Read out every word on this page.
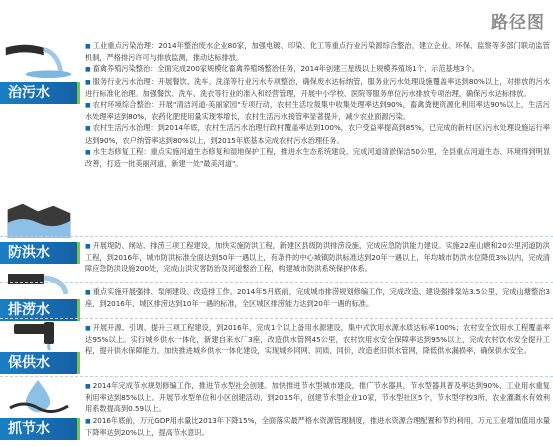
路径图
治污水
防洪水
排涝水
保供水
抓节水

■ 工业重点污染治理：2014年整治废水企业80家，加强电镀、印染、化工等重点行业污染源综合整治，建立企业、环保、监察等多部门联动监管机制，严格排污许可与排放监测，推动达标排放。

■ 畜禽养殖污染整治：全面完成200家规模化畜禽养殖场整治任务，2014年创建三星级以上规模养殖场1个、示范基地3个。

■ 服务行业污水治理：开展餐饮、洗车、洗涤等行业污水专项整治，确保废水达标纳管，服务业污水处理设施覆盖率达到80%以上，对排放的污水进行标准化治理。加强餐饮、洗车、洗衣等行业的准入和经营管理，开展中小学校、医院等服务单位污水排放专项治理，确保污水达标排放。

■ 农村环境综合整治：开展"清洁河道·美丽家园"专项行动，农村生活垃圾集中收集处理率达到90%，畜禽粪便资源化利用率达90%以上，生活污水处理率达到80%，农药化肥使用量实现零增长，农村生活污水接管率显著提升，减少农业面源污染。

■ 农村生活污水治理：到2014年底，农村生活污水治理行政村覆盖率达到100%，农户受益率提高到85%，已完成的新村(区)污水处理设施运行率达到90%，农户纳管率达到80%以上，到2015年底基本完成农村污水治理任务。

■ 水生态修复工程：重点实施河道生态修复和湿地保护工程，推进水生态系统建设，完成河道清淤保洁50公里，全县重点河道生态、环境得到明显改善，打造一批美丽河道，新建一处"最美河道"。

■ 开展堤防、闸站、排涝三项工程建设，加快实施防洪工程，新建区县级防洪排涝设施，完成应急防洪能力建设。实施22座山塘和20公里河道防洪工程，到2016年，城市防洪标准全面达到50年一遇以上，有条件的中心城镇防洪标准达到20年一遇以上，年均城市防洪水位降低3%以内，完成清障应急防洪设施200处，完成山洪灾害防治及河道整治工程，构建城市防洪系统保护体系。

■ 重点实施开展强排、泵闸建设、改造排工作。2014年5月底前，完成城市排涝规划修编工作，完成改造、建设强排泵站3.5公里，完成山塘整治3座，到2016年，城区排涝达到10年一遇的标准，全区城区排涝能力达到20年一遇的标准。

■ 开展开源、引调、提升三项工程建设，到2016年，完成1个以上备用水源建设，集中式饮用水源水质达标率100%；农村安全饮用水工程覆盖率达95%以上。实行城乡供水一体化，新建自来水厂3座，改造供水管网45公里，农村饮用水安全保障率达到95%以上，完成农村饮水安全提升工程，提升供水保障能力。加快推进城乡供水一体化建设，实现城乡同网、同质、同价，改造老旧供水管网，降低供水漏损率，确保供水安全。

■ 2014年完成节水规划修编工作，推进节水型社会创建。加快推进节水型城市建设，推广节水器具，节水型器具普及率达到90%，工业用水重复利用率达到85%以上。开展节水型单位和小区创建活动，到2015年，创建节水型企业10家，节水型社区5个，节水型学校3所，农业灌溉水有效利用系数提高到0.59以上。

■ 2016年底前，万元GDP用水量比2013年下降15%，全面落实最严格水资源管理制度，推进水资源合理配置和节约利用，万元工业增加值用水量下降率达到20%以上，提高节水意识。
